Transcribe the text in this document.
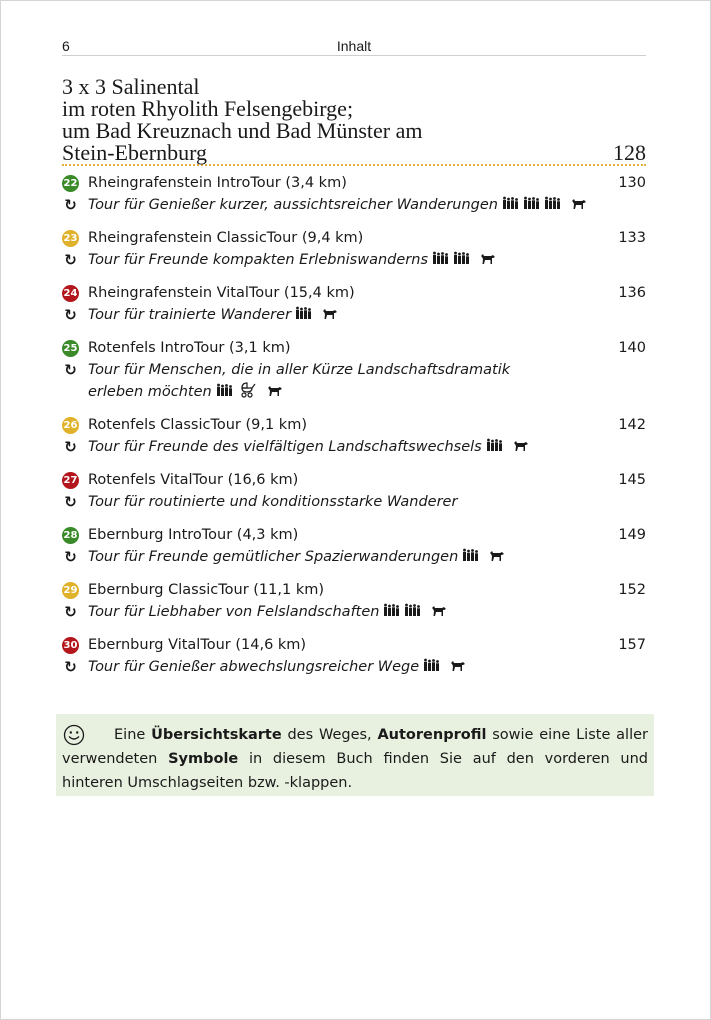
6	Inhalt
3 x 3 Salinental
im roten Rhyolith Felsengebirge;
um Bad Kreuznach und Bad Münster am
Stein-Ebernburg	128
22 Rheingrafenstein IntroTour (3,4 km)	130
↻ Tour für Genießer kurzer, aussichtsreicher Wanderungen
23 Rheingrafenstein ClassicTour (9,4 km)	133
↻ Tour für Freunde kompakten Erlebniswanderns
24 Rheingrafenstein VitalTour (15,4 km)	136
↻ Tour für trainierte Wanderer
25 Rotenfels IntroTour (3,1 km)	140
↻ Tour für Menschen, die in aller Kürze Landschaftsdramatik
erleben möchten
26 Rotenfels ClassicTour (9,1 km)	142
↻ Tour für Freunde des vielfältigen Landschaftswechsels
27 Rotenfels VitalTour (16,6 km)	145
↻ Tour für routinierte und konditionsstarke Wanderer
28 Ebernburg IntroTour (4,3 km)	149
↻ Tour für Freunde gemütlicher Spazierwanderungen
29 Ebernburg ClassicTour (11,1 km)	152
↻ Tour für Liebhaber von Felslandschaften
30 Ebernburg VitalTour (14,6 km)	157
↻ Tour für Genießer abwechslungsreicher Wege

Eine Übersichtskarte des Weges, Autorenprofil sowie eine Liste aller verwendeten Symbole in diesem Buch finden Sie auf den vorderen und hinteren Umschlagseiten bzw. -klappen.
